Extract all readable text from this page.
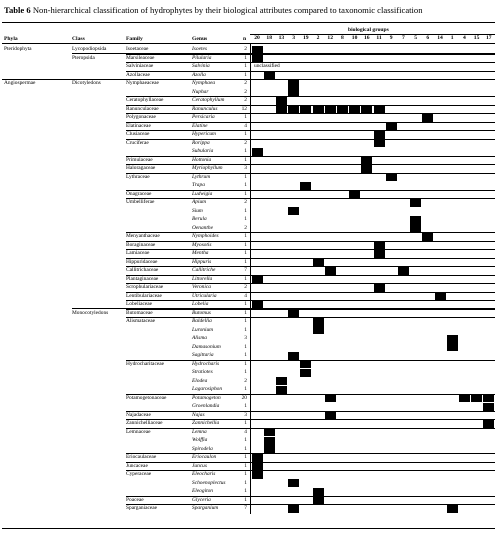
Table 6 Non-hierarchical classification of hydrophytes by their biological attributes compared to taxonomic classification
biological groups
Phyla	Class	Family	Genus	n	20	18	13	3	19	2	12	8	10	16	11	9	7	5	6	14	1	4	15	17
Pteridophyta	Lycopodiopsida	Isoetaceae	Isoetes	2
Pteropsida	Marsileaceae	Pilularia	1
Salviniaceae	Salvinia	1 unclassified
Azollaceae	Azolla	1
Angiospermae	Dicotyledons	Nymphaeaceae	Nymphaea	2
Nuphar	2
Ceratophyllaceae	Ceratophyllum	2
Ranunculaceae	Ranunculus	12
Polygonaceae	Persicaria	1
Elatinaceae	Elatine	4
Clusiaceae	Hypericum	1
Cruciferae	Rorippa	2
Subularia	1
Primulaceae	Hottonia	1
Haloragaceae	Myriophyllum	3
Lythraceae	Lythrum	1
Trapa	1
Onagraceae	Ludwigia	1
Umbelliferae	Apium	2
Sium	1
Berula	1
Oenanthe	2
Menyanthaceae	Nymphoides	1
Boraginaceae	Myosotis	1
Lamiaceae	Mentha	1
Hippuridaceae	Hippuris	1
Callitrichaceae	Callitriche	7
Plantaginaceae	Littorella	1
Scrophulariaceae	Veronica	2
Lentibulariaceae	Utricularia	4
Lobeliaceae	Lobelia	1
Monocotyledons	Butomaceae	Butomus	1
Alismataceae	Baldellia	1
Luronium	1
Alisma	3
Damasonium	1
Sagittaria	1
Hydrocharitaceae	Hydrocharis	1
Stratiotes	1
Elodea	2
Lagarosiphon	1
Potamogetonaceae	Potamogeton	20
Groenlandia	1
Najadaceae	Najas	3
Zannichelliaceae	Zannichellia	1
Lemnaceae	Lemna	4
Wolffia	1
Spirodela	1
Eriocaulaceae	Eriocaulon	1
Juncaceae	Juncus	1
Cyperaceae	Eleocharis	1
Schoenoplectus	1
Eleogiton	1
Poaceae	Glyceria	1
Sparganiaceae	Sparganium	7
